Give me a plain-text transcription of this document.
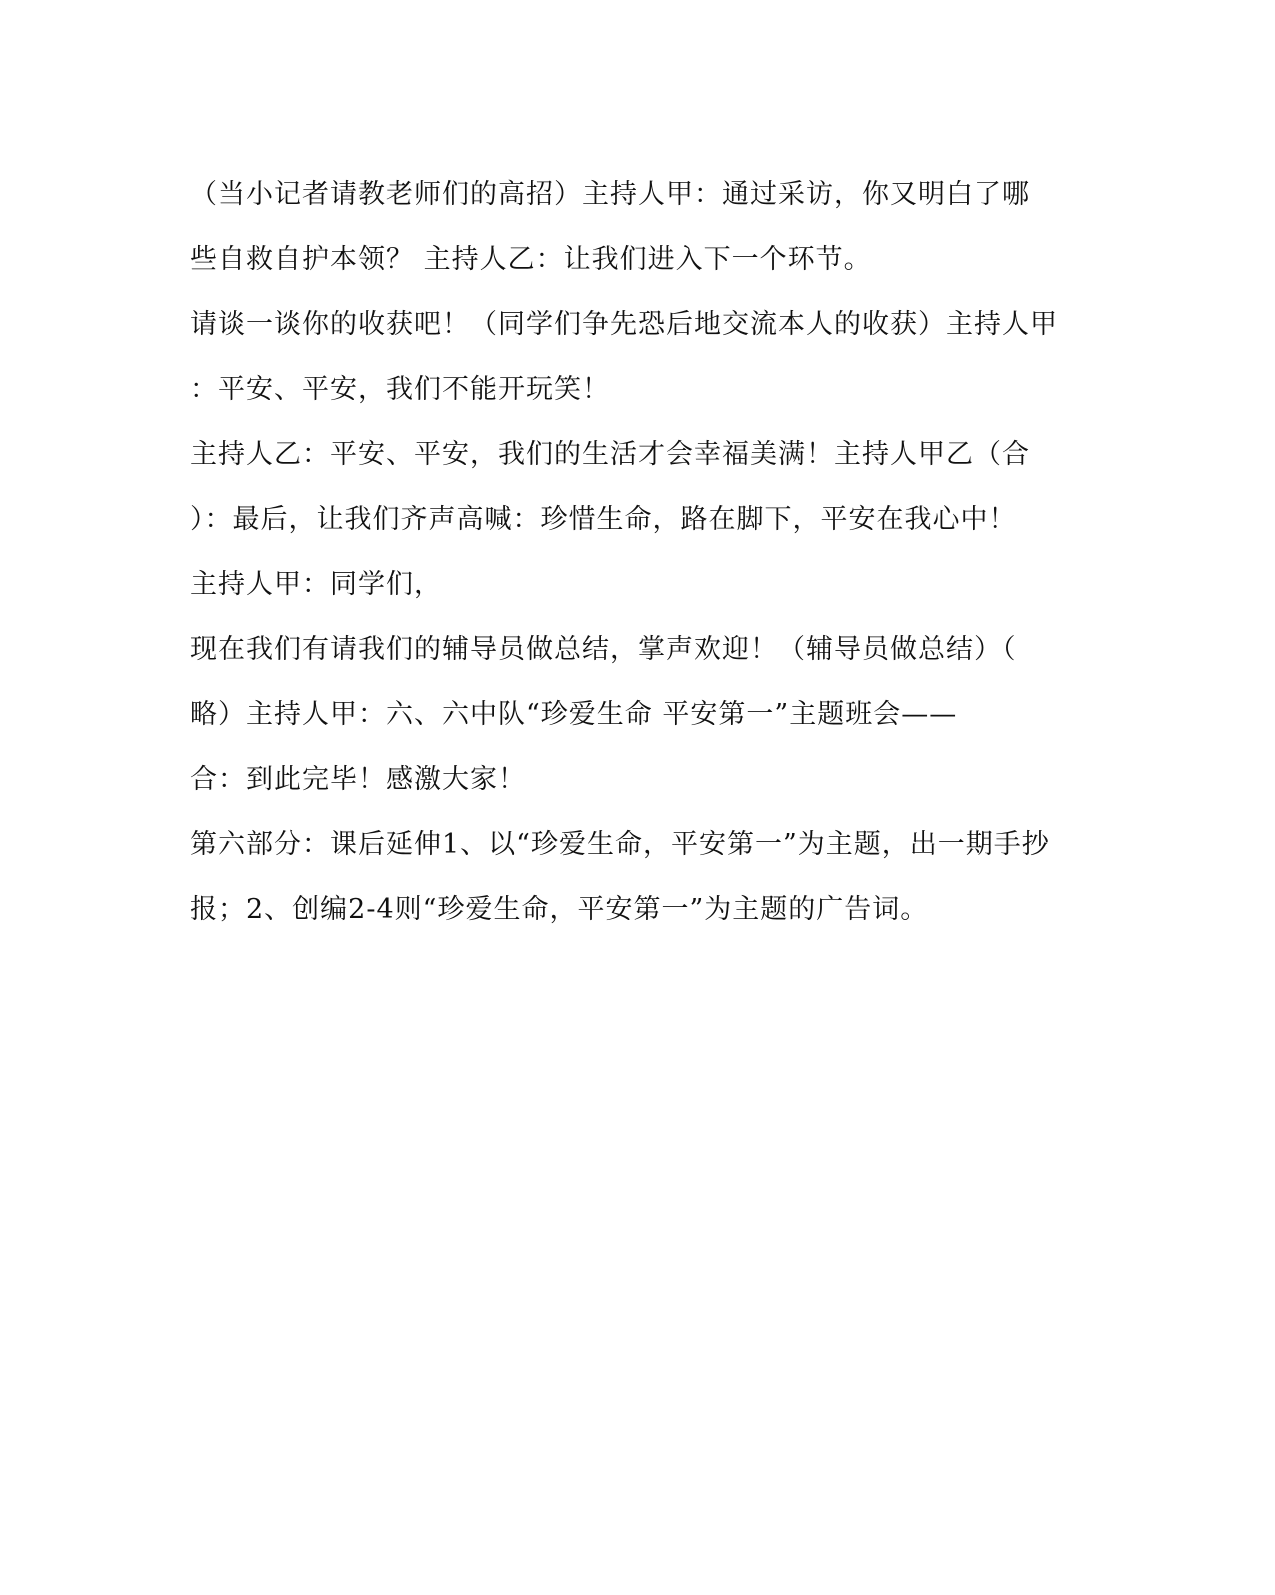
（当小记者请教老师们的高招）主持人甲：通过采访，你又明白了哪
些自救自护本领？ 主持人乙：让我们进入下一个环节。
请谈一谈你的收获吧！（同学们争先恐后地交流本人的收获）主持人甲
：平安、平安，我们不能开玩笑！
主持人乙：平安、平安，我们的生活才会幸福美满！主持人甲乙（合
）：最后，让我们齐声高喊：珍惜生命，路在脚下，平安在我心中！
主持人甲：同学们，
现在我们有请我们的辅导员做总结，掌声欢迎！（辅导员做总结）（
略）主持人甲：六、六中队“珍爱生命 平安第一”主题班会——
合：到此完毕！感激大家！
第六部分：课后延伸1、以“珍爱生命，平安第一”为主题，出一期手抄
报；2、创编2-4则“珍爱生命，平安第一”为主题的广告词。
